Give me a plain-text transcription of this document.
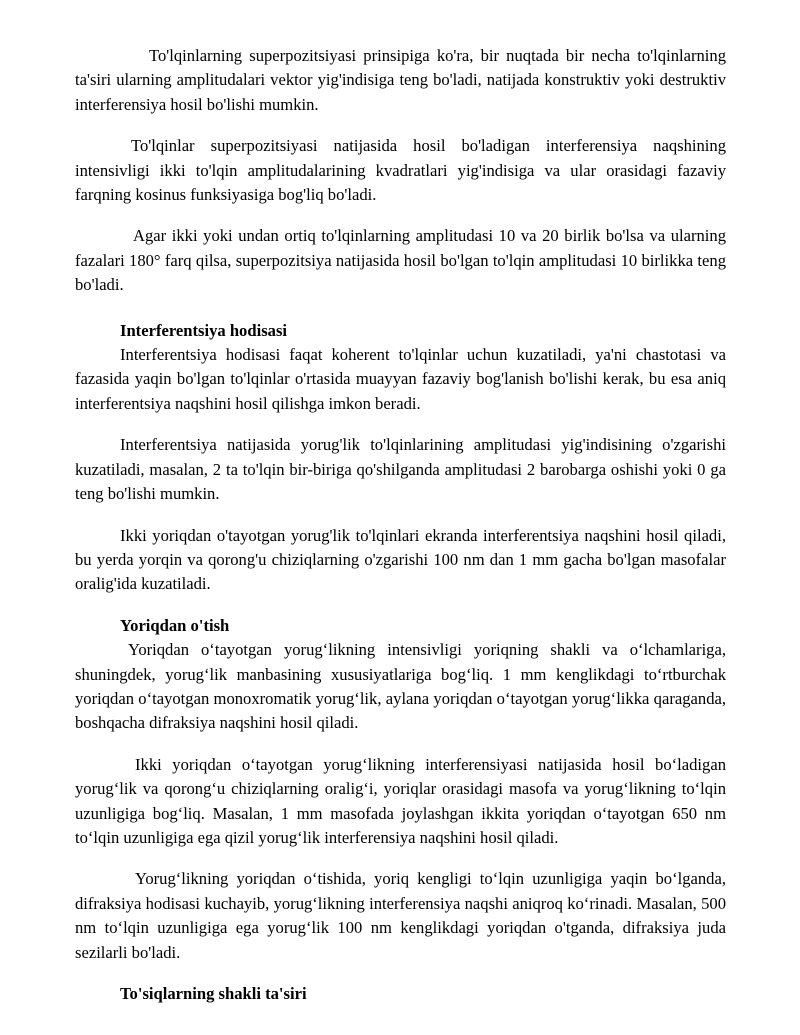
To'lqinlarning superpozitsiyasi prinsipiga ko'ra, bir nuqtada bir necha to'lqinlarning ta'siri ularning amplitudalari vektor yig'indisiga teng bo'ladi, natijada konstruktiv yoki destruktiv interferensiya hosil bo'lishi mumkin.

To'lqinlar superpozitsiyasi natijasida hosil bo'ladigan interferensiya naqshining intensivligi ikki to'lqin amplitudalarining kvadratlari yig'indisiga va ular orasidagi fazaviy farqning kosinus funksiyasiga bog'liq bo'ladi.

Agar ikki yoki undan ortiq to'lqinlarning amplitudasi 10 va 20 birlik bo'lsa va ularning fazalari 180° farq qilsa, superpozitsiya natijasida hosil bo'lgan to'lqin amplitudasi 10 birlikka teng bo'ladi.

Interferentsiya hodisasi

Interferentsiya hodisasi faqat koherent to'lqinlar uchun kuzatiladi, ya'ni chastotasi va fazasida yaqin bo'lgan to'lqinlar o'rtasida muayyan fazaviy bog'lanish bo'lishi kerak, bu esa aniq interferentsiya naqshini hosil qilishga imkon beradi.

Interferentsiya natijasida yorug'lik to'lqinlarining amplitudasi yig'indisining o'zgarishi kuzatiladi, masalan, 2 ta to'lqin bir-biriga qo'shilganda amplitudasi 2 barobarga oshishi yoki 0 ga teng bo'lishi mumkin.

Ikki yoriqdan o'tayotgan yorug'lik to'lqinlari ekranda interferentsiya naqshini hosil qiladi, bu yerda yorqin va qorong'u chiziqlarning o'zgarishi 100 nm dan 1 mm gacha bo'lgan masofalar oralig'ida kuzatiladi.

Yoriqdan o'tish

Yoriqdan o‘tayotgan yorug‘likning intensivligi yoriqning shakli va o‘lchamlariga, shuningdek, yorug‘lik manbasining xususiyatlariga bog‘liq. 1 mm kenglikdagi to‘rtburchak yoriqdan o‘tayotgan monoxromatik yorug‘lik, aylana yoriqdan o‘tayotgan yorug‘likka qaraganda, boshqacha difraksiya naqshini hosil qiladi.

Ikki yoriqdan o‘tayotgan yorug‘likning interferensiyasi natijasida hosil bo‘ladigan yorug‘lik va qorong‘u chiziqlarning oralig‘i, yoriqlar orasidagi masofa va yorug‘likning to‘lqin uzunligiga bog‘liq. Masalan, 1 mm masofada joylashgan ikkita yoriqdan o‘tayotgan 650 nm to‘lqin uzunligiga ega qizil yorug‘lik interferensiya naqshini hosil qiladi.

Yorug‘likning yoriqdan o‘tishida, yoriq kengligi to‘lqin uzunligiga yaqin bo‘lganda, difraksiya hodisasi kuchayib, yorug‘likning interferensiya naqshi aniqroq ko‘rinadi. Masalan, 500 nm to‘lqin uzunligiga ega yorug‘lik 100 nm kenglikdagi yoriqdan o'tganda, difraksiya juda sezilarli bo'ladi.

To'siqlarning shakli ta'siri
